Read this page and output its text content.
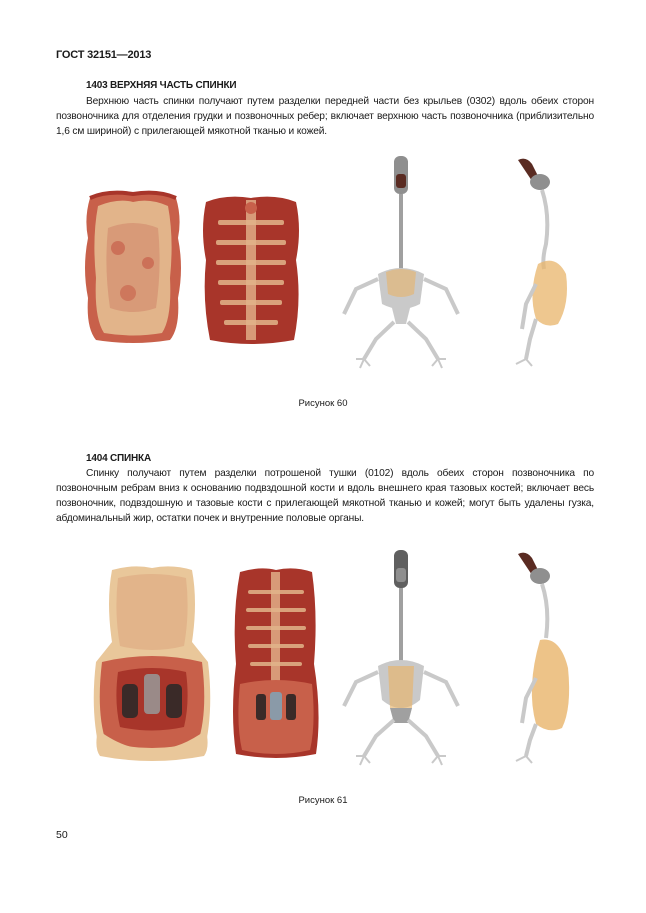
ГОСТ 32151—2013
1403 ВЕРХНЯЯ ЧАСТЬ СПИНКИ

Верхнюю часть спинки получают путем разделки передней части без крыльев (0302) вдоль обеих сторон позвоночника для отделения грудки и позвоночных ребер; включает верхнюю часть позвоночника (приблизительно 1,6 см шириной) с прилегающей мякотной тканью и кожей.

Рисунок 60
1404 СПИНКА

Спинку получают путем разделки потрошеной тушки (0102) вдоль обеих сторон позвоночника по позвоночным ребрам вниз к основанию подвздошной кости и вдоль внешнего края тазовых костей; включает весь позвоночник, подвздошную и тазовые кости с прилегающей мякотной тканью и кожей; могут быть удалены гузка, абдоминальный жир, остатки почек и внутренние половые органы.

Рисунок 61
50
